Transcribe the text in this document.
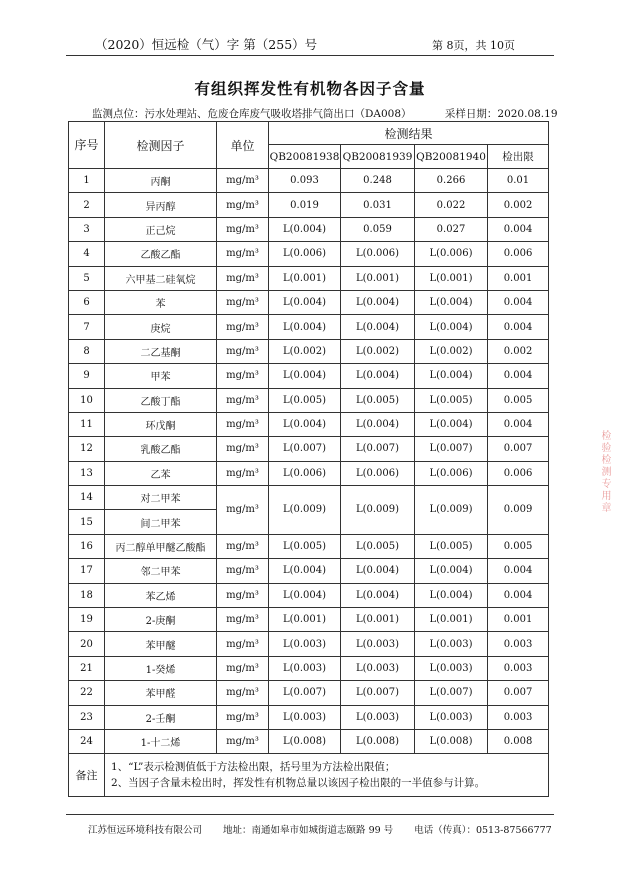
（2020）恒远检（气）字 第（255）号	第 8页，共 10页
有组织挥发性有机物各因子含量
监测点位：污水处理站、危废仓库废气吸收塔排气筒出口（DA008）	采样日期：2020.08.19
序号	检测因子	单位	检测结果			
			QB20081938	QB20081939	QB20081940	检出限
1	丙酮	mg/m³	0.093	0.248	0.266	0.01
2	异丙醇	mg/m³	0.019	0.031	0.022	0.002
3	正己烷	mg/m³	L(0.004)	0.059	0.027	0.004
4	乙酸乙酯	mg/m³	L(0.006)	L(0.006)	L(0.006)	0.006
5	六甲基二硅氧烷	mg/m³	L(0.001)	L(0.001)	L(0.001)	0.001
6	苯	mg/m³	L(0.004)	L(0.004)	L(0.004)	0.004
7	庚烷	mg/m³	L(0.004)	L(0.004)	L(0.004)	0.004
8	二乙基酮	mg/m³	L(0.002)	L(0.002)	L(0.002)	0.002
9	甲苯	mg/m³	L(0.004)	L(0.004)	L(0.004)	0.004
10	乙酸丁酯	mg/m³	L(0.005)	L(0.005)	L(0.005)	0.005
11	环戊酮	mg/m³	L(0.004)	L(0.004)	L(0.004)	0.004
12	乳酸乙酯	mg/m³	L(0.007)	L(0.007)	L(0.007)	0.007
13	乙苯	mg/m³	L(0.006)	L(0.006)	L(0.006)	0.006
14	对二甲苯	mg/m³	L(0.009)	L(0.009)	L(0.009)	0.009
15	间二甲苯					
16	丙二醇单甲醚乙酸酯	mg/m³	L(0.005)	L(0.005)	L(0.005)	0.005
17	邻二甲苯	mg/m³	L(0.004)	L(0.004)	L(0.004)	0.004
18	苯乙烯	mg/m³	L(0.004)	L(0.004)	L(0.004)	0.004
19	2-庚酮	mg/m³	L(0.001)	L(0.001)	L(0.001)	0.001
20	苯甲醚	mg/m³	L(0.003)	L(0.003)	L(0.003)	0.003
21	1-癸烯	mg/m³	L(0.003)	L(0.003)	L(0.003)	0.003
22	苯甲醛	mg/m³	L(0.007)	L(0.007)	L(0.007)	0.007
23	2-壬酮	mg/m³	L(0.003)	L(0.003)	L(0.003)	0.003
24	1-十二烯	mg/m³	L(0.008)	L(0.008)	L(0.008)	0.008
备注	1、“L”表示检测值低于方法检出限，括号里为方法检出限值；
2、当因子含量未检出时，挥发性有机物总量以该因子检出限的一半值参与计算。					
江苏恒远环境科技有限公司 地址：南通如皋市如城街道志颐路 99 号 电话（传真）：0513-87566777
检验检测专用章
